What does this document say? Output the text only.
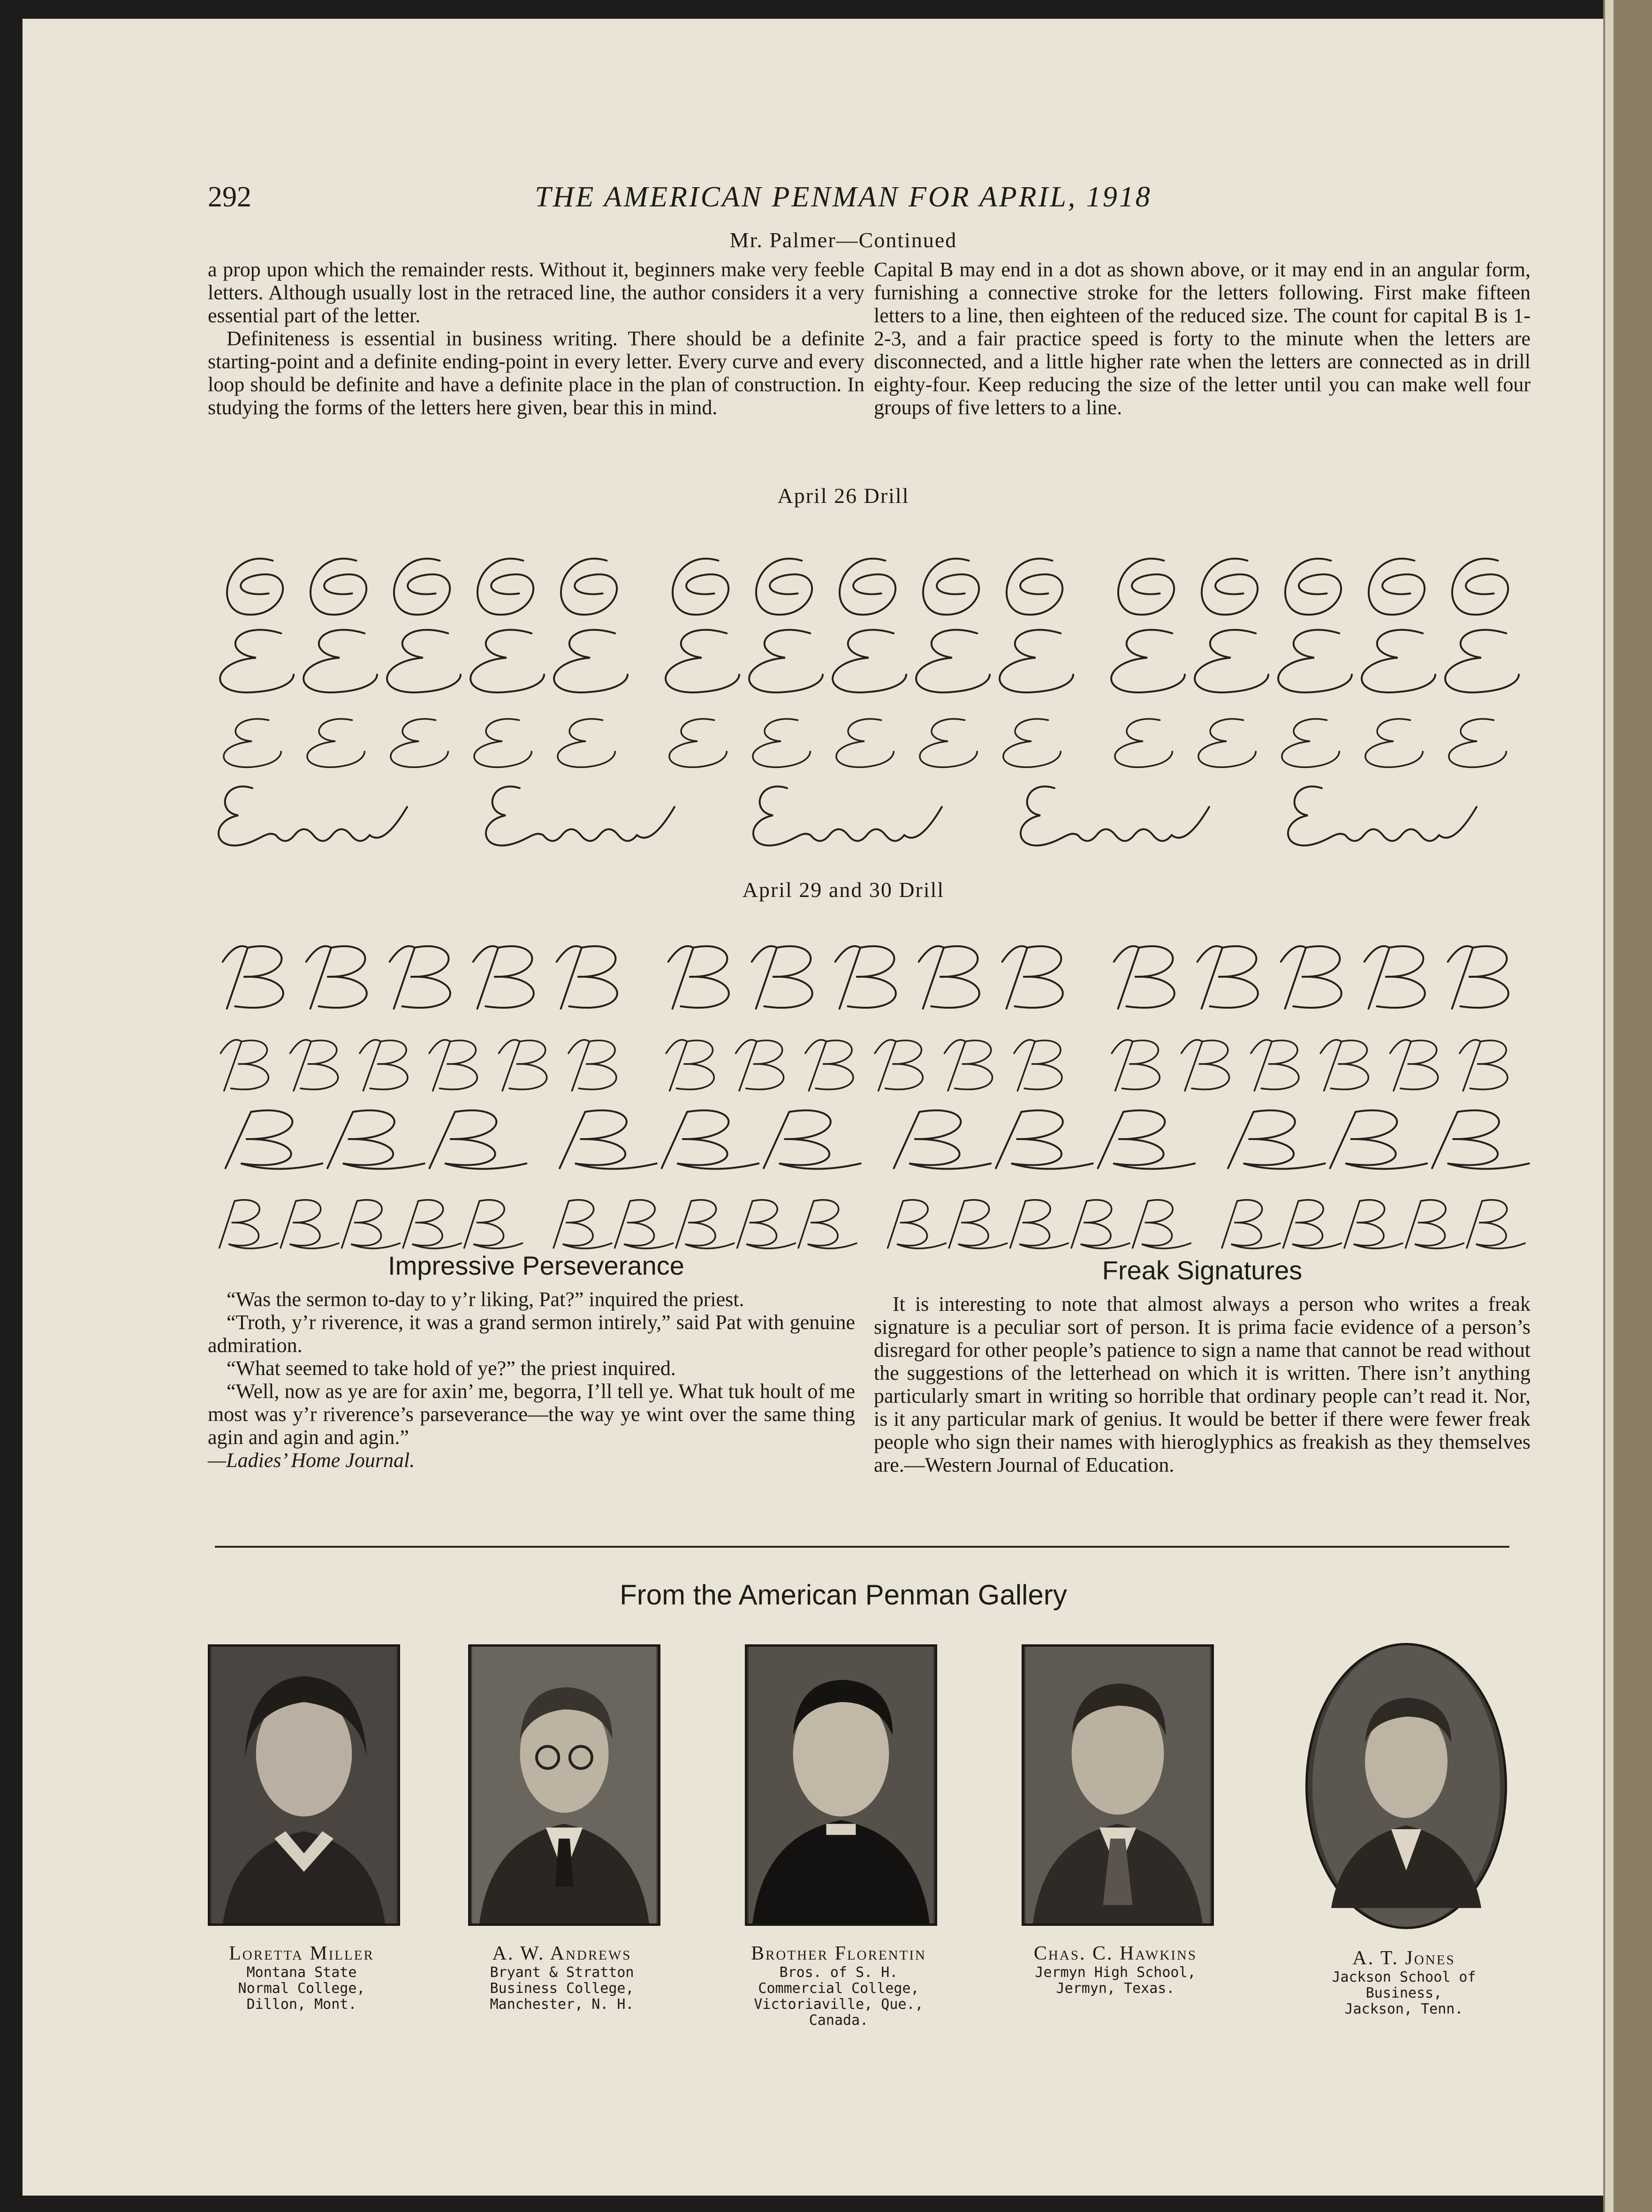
292	THE AMERICAN PENMAN FOR APRIL, 1918
Mr. Palmer—Continued

a prop upon which the remainder rests. Without it, beginners make very feeble letters. Although usually lost in the retraced line, the author considers it a very essential part of the letter.

Definiteness is essential in business writing. There should be a definite starting-point and a definite ending-point in every letter. Every curve and every loop should be definite and have a definite place in the plan of construction. In studying the forms of the letters here given, bear this in mind.

Capital B may end in a dot as shown above, or it may end in an angular form, furnishing a connective stroke for the letters following. First make fifteen letters to a line, then eighteen of the reduced size. The count for capital B is 1-2-3, and a fair practice speed is forty to the minute when the letters are disconnected, and a little higher rate when the letters are connected as in drill eighty-four. Keep reducing the size of the letter until you can make well four groups of five letters to a line.

April 26 Drill
April 29 and 30 Drill
Impressive Perseverance

“Was the sermon to-day to y’r liking, Pat?” inquired the priest.

“Troth, y’r riverence, it was a grand sermon intirely,” said Pat with genuine admiration.

“What seemed to take hold of ye?” the priest inquired.

“Well, now as ye are for axin’ me, begorra, I’ll tell ye. What tuk hoult of me most was y’r riverence’s parseverance—the way ye wint over the same thing agin and agin and agin.”

—Ladies’ Home Journal.

Freak Signatures

It is interesting to note that almost always a person who writes a freak signature is a peculiar sort of person. It is prima facie evidence of a person’s disregard for other people’s patience to sign a name that cannot be read without the suggestions of the letterhead on which it is written. There isn’t anything particularly smart in writing so horrible that ordinary people can’t read it. Nor, is it any particular mark of genius. It would be better if there were fewer freak people who sign their names with hieroglyphics as freakish as they themselves are.—Western Journal of Education.

From the American Penman Gallery
Loretta Miller
Montana State
Normal College,
Dillon, Mont.
A. W. Andrews
Bryant & Stratton
Business College,
Manchester, N. H.
Brother Florentin
Bros. of S. H.
Commercial College,
Victoriaville, Que.,
Canada.
Chas. C. Hawkins
Jermyn High School,
Jermyn, Texas.
A. T. Jones
Jackson School of
Business,
Jackson, Tenn.
